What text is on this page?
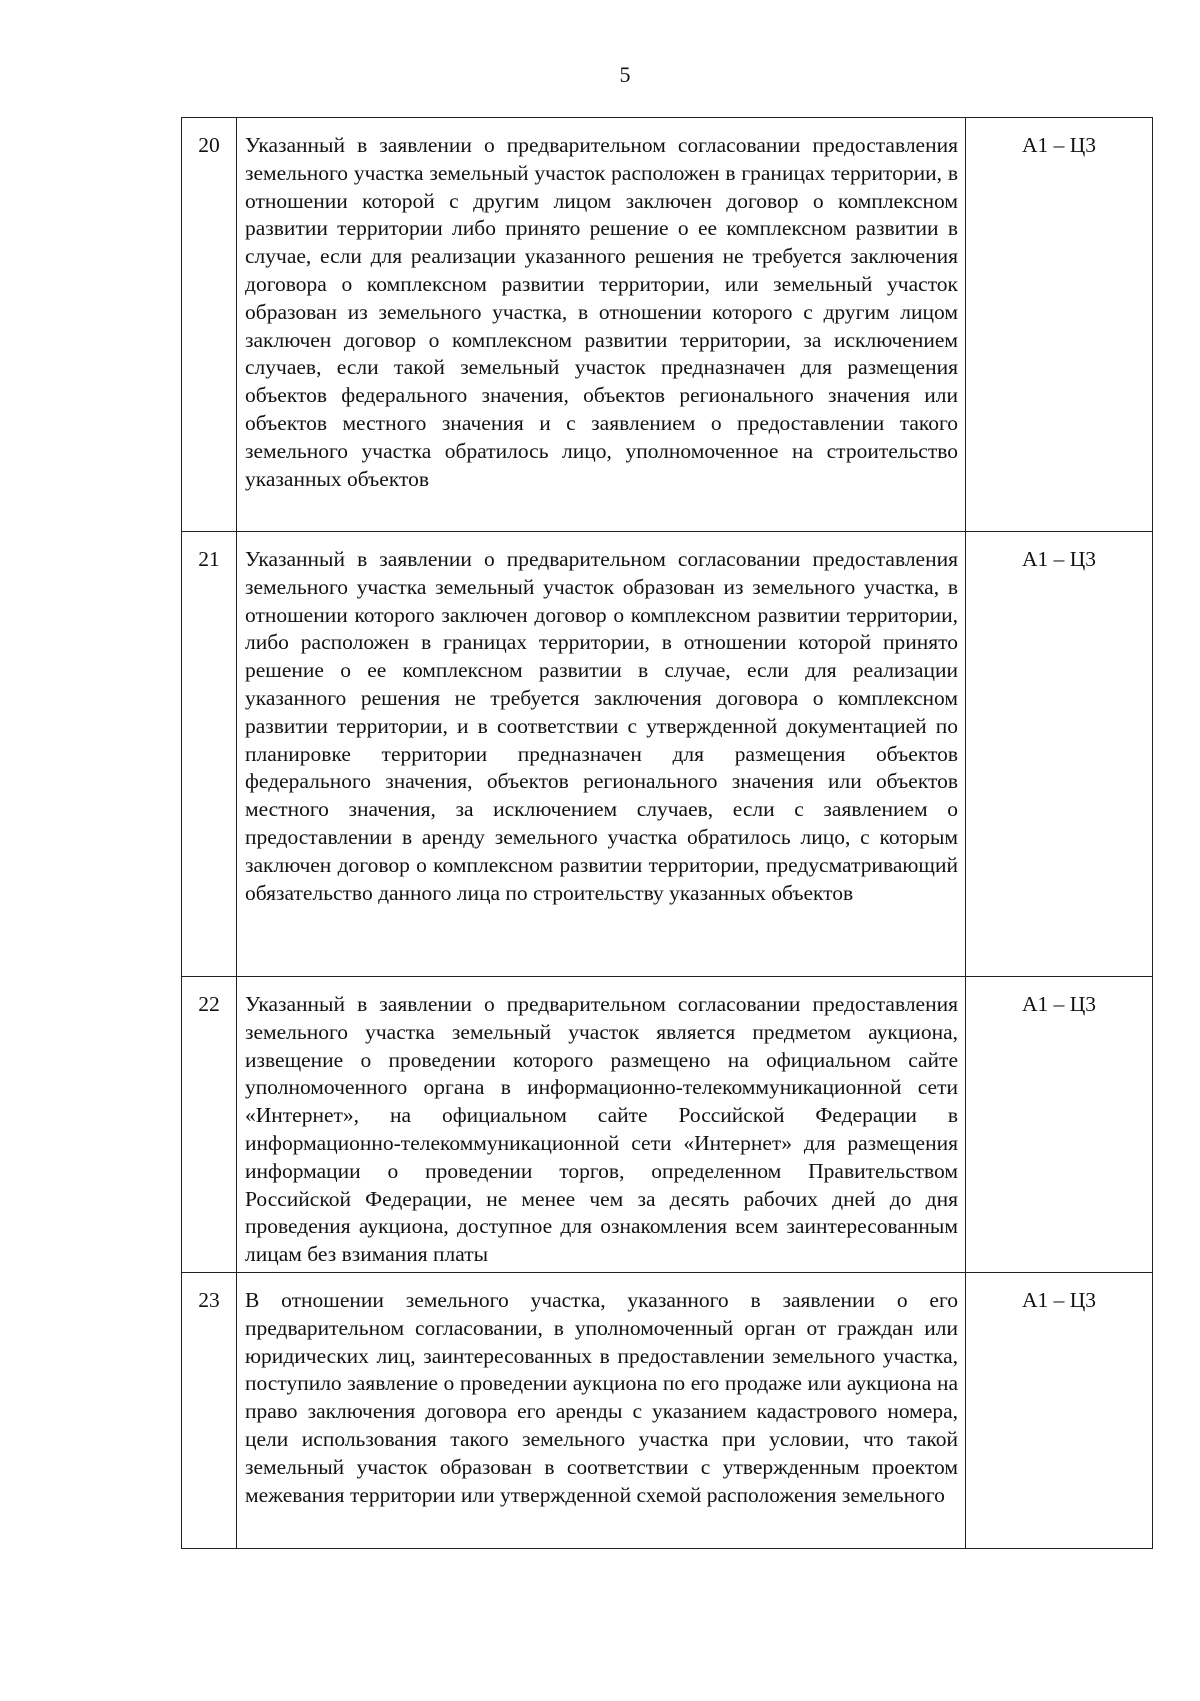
5
20	Указанный в заявлении о предварительном согласовании предоставления земельного участка земельный участок расположен в границах территории, в отношении которой с другим лицом заключен договор о комплексном развитии территории либо принято решение о ее комплексном развитии в случае, если для реализации указанного решения не требуется заключения договора о комплексном развитии территории, или земельный участок образован из земельного участка, в отношении которого с другим лицом заключен договор о комплексном развитии территории, за исключением случаев, если такой земельный участок предназначен для размещения объектов федерального значения, объектов регионального значения или объектов местного значения и с заявлением о предоставлении такого земельного участка обратилось лицо, уполномоченное на строительство указанных объектов	А1 – Ц3
21	Указанный в заявлении о предварительном согласовании предоставления земельного участка земельный участок образован из земельного участка, в отношении которого заключен договор о комплексном развитии территории, либо расположен в границах территории, в отношении которой принято решение о ее комплексном развитии в случае, если для реализации указанного решения не требуется заключения договора о комплексном развитии территории, и в соответствии с утвержденной документацией по планировке территории предназначен для размещения объектов федерального значения, объектов регионального значения или объектов местного значения, за исключением случаев, если с заявлением о предоставлении в аренду земельного участка обратилось лицо, с которым заключен договор о комплексном развитии территории, предусматривающий обязательство данного лица по строительству указанных объектов	А1 – Ц3
22	Указанный в заявлении о предварительном согласовании предоставления земельного участка земельный участок является предметом аукциона, извещение о проведении которого размещено на официальном сайте уполномоченного органа в информационно-телекоммуникационной сети «Интернет», на официальном сайте Российской Федерации в информационно-телекоммуникационной сети «Интернет» для размещения информации о проведении торгов, определенном Правительством Российской Федерации, не менее чем за десять рабочих дней до дня проведения аукциона, доступное для ознакомления всем заинтересованным лицам без взимания платы	А1 – Ц3
23	В отношении земельного участка, указанного в заявлении о его предварительном согласовании, в уполномоченный орган от граждан или юридических лиц, заинтересованных в предоставлении земельного участка, поступило заявление о проведении аукциона по его продаже или аукциона на право заключения договора его аренды с указанием кадастрового номера, цели использования такого земельного участка при условии, что такой земельный участок образован в соответствии с утвержденным проектом межевания территории или утвержденной схемой расположения земельного	А1 – Ц3
